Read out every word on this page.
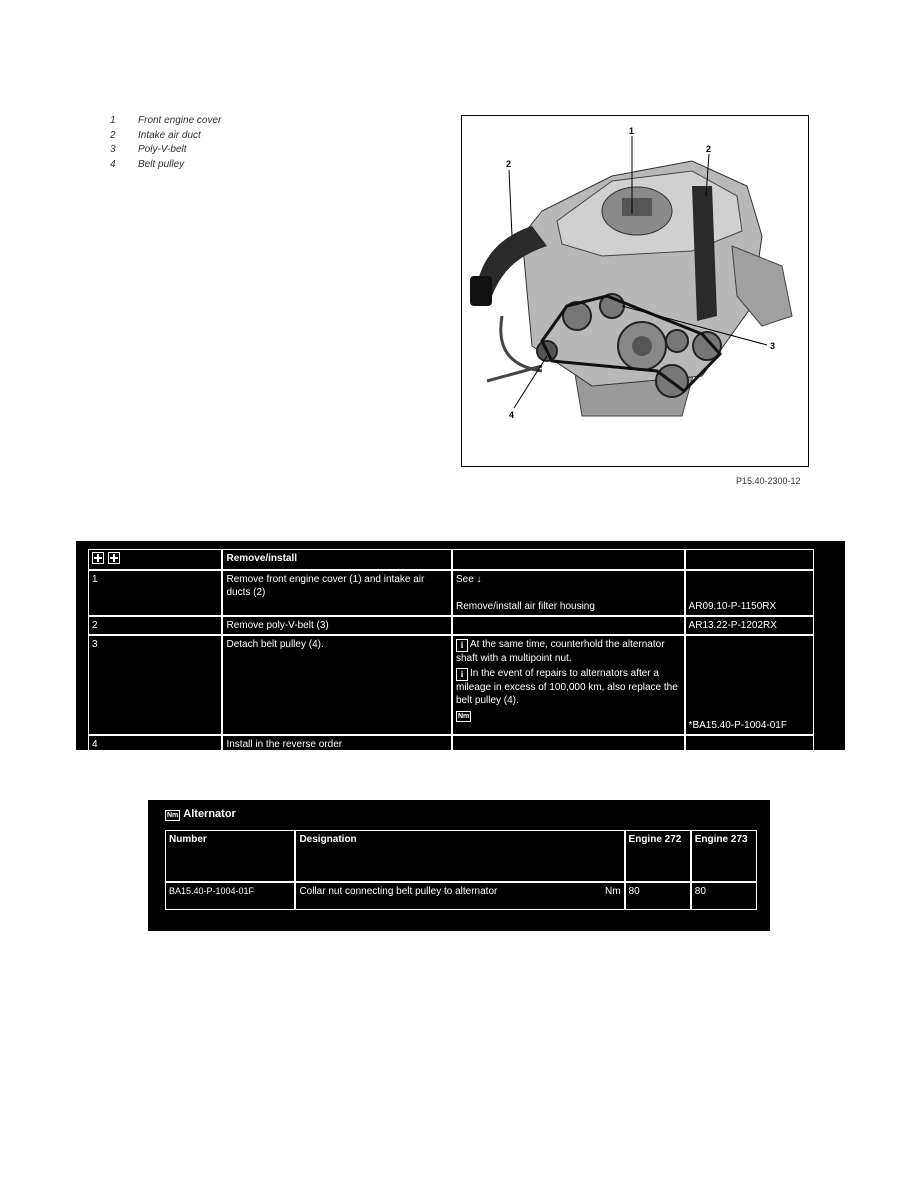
1	Front engine cover
2	Intake air duct
3	Poly-V-belt
4	Belt pulley
1
2
2
3
4
P15.40-2300-12
	Remove/install		
1	Remove front engine cover (1) and intake air ducts (2)	See ↓
Remove/install air filter housing	AR09.10-P-1150RX

2	Remove poly-V-belt (3)		AR13.22-P-1202RX
3	Detach belt pulley (4).	i At the same time, counterhold the alternator shaft with a multipoint nut.
i In the event of repairs to alternators after a mileage in excess of 100,000 km, also replace the belt pulley (4).
Nm	*BA15.40-P-1004-01F

4	Install in the reverse order		
Nm Alternator
Number	Designation	Engine 272	Engine 273
BA15.40-P-1004-01F	Collar nut connecting belt pulley to alternator Nm	80	80
